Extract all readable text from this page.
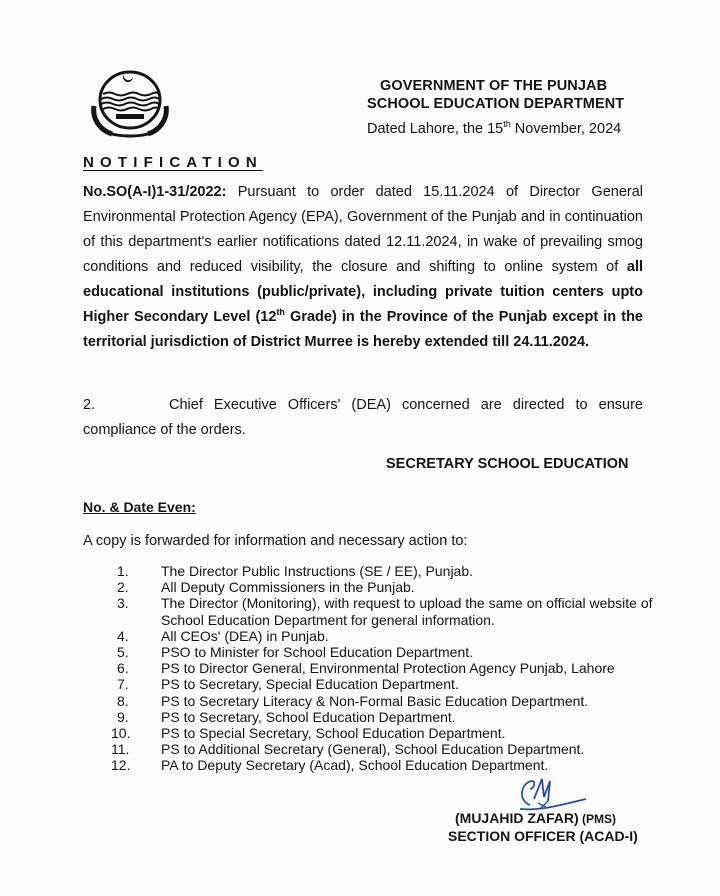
GOVERNMENT OF THE PUNJAB
SCHOOL EDUCATION DEPARTMENT
Dated Lahore, the 15th November, 2024
NOTIFICATION
No.SO(A-I)1-31/2022: Pursuant to order dated 15.11.2024 of Director General Environmental Protection Agency (EPA), Government of the Punjab and in continuation of this department's earlier notifications dated 12.11.2024, in wake of prevailing smog conditions and reduced visibility, the closure and shifting to online system of all educational institutions (public/private), including private tuition centers upto Higher Secondary Level (12th Grade) in the Province of the Punjab except in the territorial jurisdiction of District Murree is hereby extended till 24.11.2024.
2.	Chief Executive Officers' (DEA) concerned are directed to ensure compliance of the orders.
SECRETARY SCHOOL EDUCATION
No. & Date Even:
A copy is forwarded for information and necessary action to:
1.	The Director Public Instructions (SE / EE), Punjab.
2.	All Deputy Commissioners in the Punjab.
3.	The Director (Monitoring), with request to upload the same on official website of School Education Department for general information.
4.	All CEOs' (DEA) in Punjab.
5.	PSO to Minister for School Education Department.
6.	PS to Director General, Environmental Protection Agency Punjab, Lahore
7.	PS to Secretary, Special Education Department.
8.	PS to Secretary Literacy & Non-Formal Basic Education Department.
9.	PS to Secretary, School Education Department.
10.	PS to Special Secretary, School Education Department.
11.	PS to Additional Secretary (General), School Education Department.
12.	PA to Deputy Secretary (Acad), School Education Department.
(MUJAHID ZAFAR) (PMS)
SECTION OFFICER (ACAD-I)
